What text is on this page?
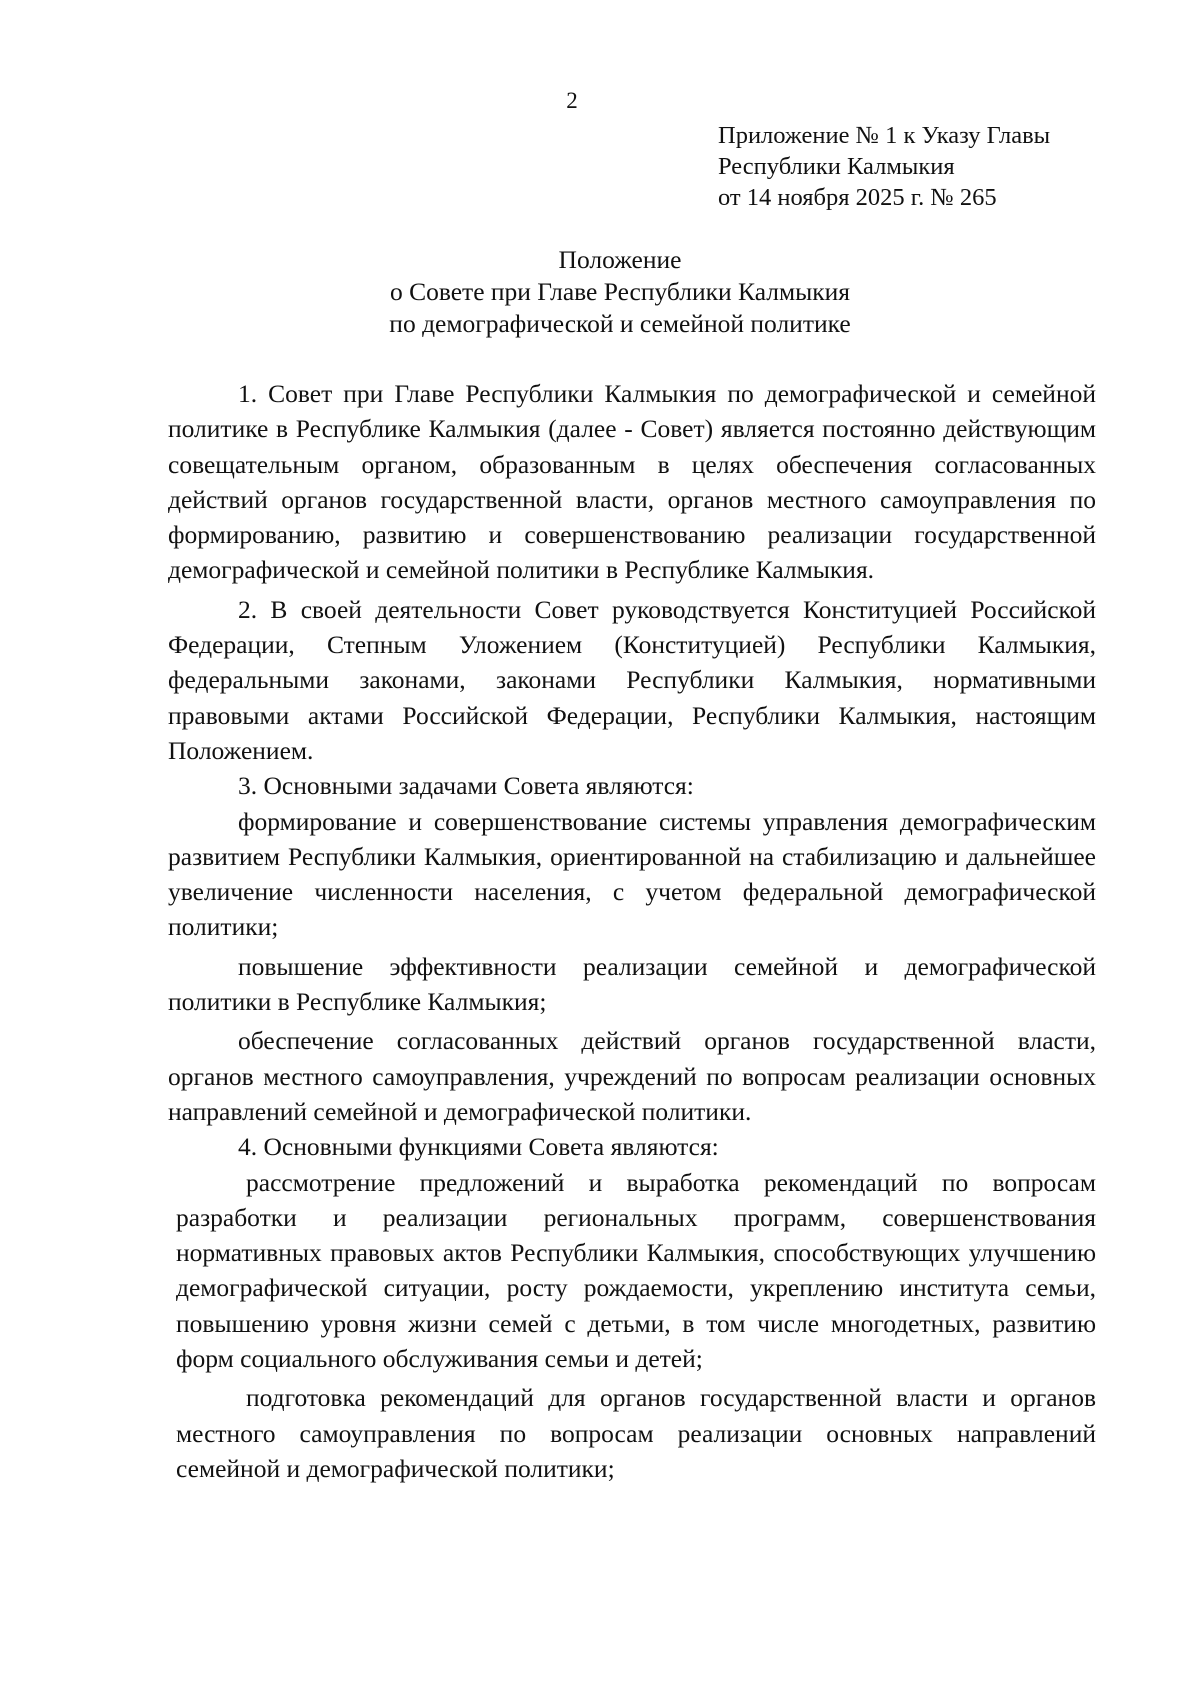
2
Приложение № 1 к Указу Главы
Республики Калмыкия
от 14 ноября 2025 г. № 265
Положение
о Совете при Главе Республики Калмыкия
по демографической и семейной политике

1. Совет при Главе Республики Калмыкия по демографической и семейной политике в Республике Калмыкия (далее - Совет) является постоянно действующим совещательным органом, образованным в целях обеспечения согласованных действий органов государственной власти, органов местного самоуправления по формированию, развитию и совершенствованию реализации государственной демографической и семейной политики в Республике Калмыкия.

2. В своей деятельности Совет руководствуется Конституцией Российской Федерации, Степным Уложением (Конституцией) Республики Калмыкия, федеральными законами, законами Республики Калмыкия, нормативными правовыми актами Российской Федерации, Республики Калмыкия, настоящим Положением.

3. Основными задачами Совета являются:

формирование и совершенствование системы управления демографическим развитием Республики Калмыкия, ориентированной на стабилизацию и дальнейшее увеличение численности населения, с учетом федеральной демографической политики;

повышение эффективности реализации семейной и демографической политики в Республике Калмыкия;

обеспечение согласованных действий органов государственной власти, органов местного самоуправления, учреждений по вопросам реализации основных направлений семейной и демографической политики.

4. Основными функциями Совета являются:

рассмотрение предложений и выработка рекомендаций по вопросам разработки и реализации региональных программ, совершенствования нормативных правовых актов Республики Калмыкия, способствующих улучшению демографической ситуации, росту рождаемости, укреплению института семьи, повышению уровня жизни семей с детьми, в том числе многодетных, развитию форм социального обслуживания семьи и детей;

подготовка рекомендаций для органов государственной власти и органов местного самоуправления по вопросам реализации основных направлений семейной и демографической политики;
